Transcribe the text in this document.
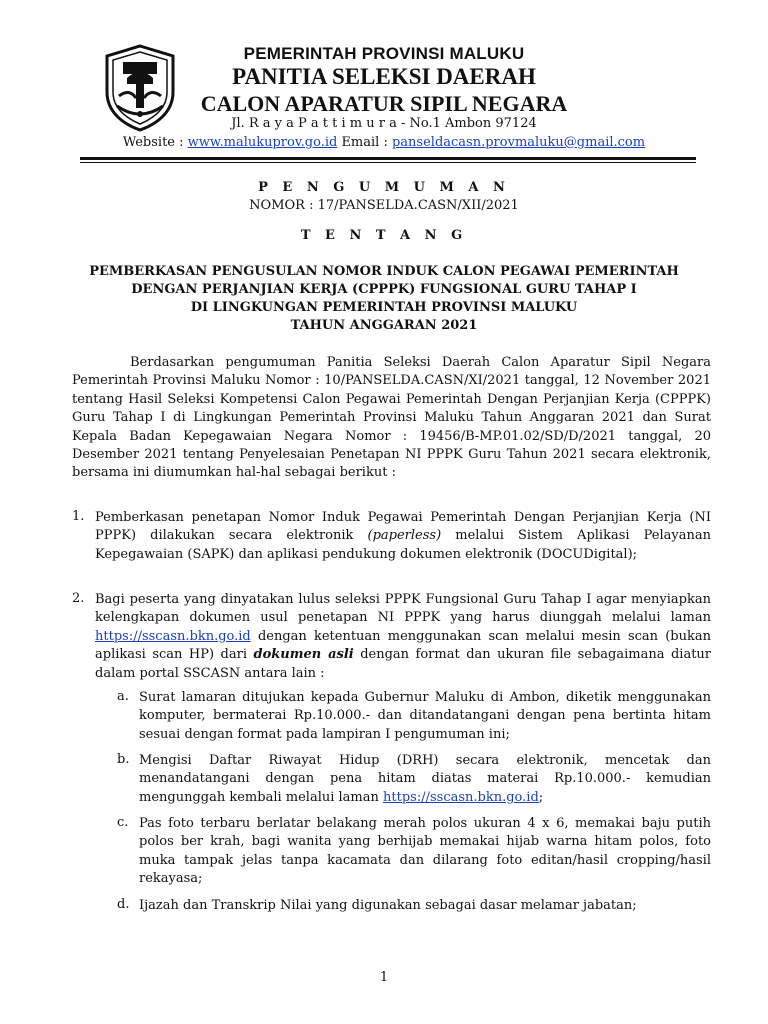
PEMERINTAH PROVINSI MALUKU
PANITIA SELEKSI DAERAH
CALON APARATUR SIPIL NEGARA
Jl. R a y a P a t t i m u r a - No.1 Ambon 97124
Website : www.malukuprov.go.id Email : panseldacasn.provmaluku@gmail.com
P E N G U M U M A N
NOMOR : 17/PANSELDA.CASN/XII/2021
T E N T A N G
PEMBERKASAN PENGUSULAN NOMOR INDUK CALON PEGAWAI PEMERINTAH
DENGAN PERJANJIAN KERJA (CPPPK) FUNGSIONAL GURU TAHAP I
DI LINGKUNGAN PEMERINTAH PROVINSI MALUKU
TAHUN ANGGARAN 2021
Berdasarkan pengumuman Panitia Seleksi Daerah Calon Aparatur Sipil Negara Pemerintah Provinsi Maluku Nomor : 10/PANSELDA.CASN/XI/2021 tanggal, 12 November 2021 tentang Hasil Seleksi Kompetensi Calon Pegawai Pemerintah Dengan Perjanjian Kerja (CPPPK) Guru Tahap I di Lingkungan Pemerintah Provinsi Maluku Tahun Anggaran 2021 dan Surat Kepala Badan Kepegawaian Negara Nomor : 19456/B-MP.01.02/SD/D/2021 tanggal, 20 Desember 2021 tentang Penyelesaian Penetapan NI PPPK Guru Tahun 2021 secara elektronik, bersama ini diumumkan hal-hal sebagai berikut :
1. Pemberkasan penetapan Nomor Induk Pegawai Pemerintah Dengan Perjanjian Kerja (NI PPPK) dilakukan secara elektronik (paperless) melalui Sistem Aplikasi Pelayanan Kepegawaian (SAPK) dan aplikasi pendukung dokumen elektronik (DOCUDigital);
2. Bagi peserta yang dinyatakan lulus seleksi PPPK Fungsional Guru Tahap I agar menyiapkan kelengkapan dokumen usul penetapan NI PPPK yang harus diunggah melalui laman https://sscasn.bkn.go.id dengan ketentuan menggunakan scan melalui mesin scan (bukan aplikasi scan HP) dari dokumen asli dengan format dan ukuran file sebagaimana diatur dalam portal SSCASN antara lain :
a. Surat lamaran ditujukan kepada Gubernur Maluku di Ambon, diketik menggunakan komputer, bermaterai Rp.10.000.- dan ditandatangani dengan pena bertinta hitam sesuai dengan format pada lampiran I pengumuman ini;
b. Mengisi Daftar Riwayat Hidup (DRH) secara elektronik, mencetak dan menandatangani dengan pena hitam diatas materai Rp.10.000.- kemudian mengunggah kembali melalui laman https://sscasn.bkn.go.id;
c. Pas foto terbaru berlatar belakang merah polos ukuran 4 x 6, memakai baju putih polos ber krah, bagi wanita yang berhijab memakai hijab warna hitam polos, foto muka tampak jelas tanpa kacamata dan dilarang foto editan/hasil cropping/hasil rekayasa;
d. Ijazah dan Transkrip Nilai yang digunakan sebagai dasar melamar jabatan;
1
